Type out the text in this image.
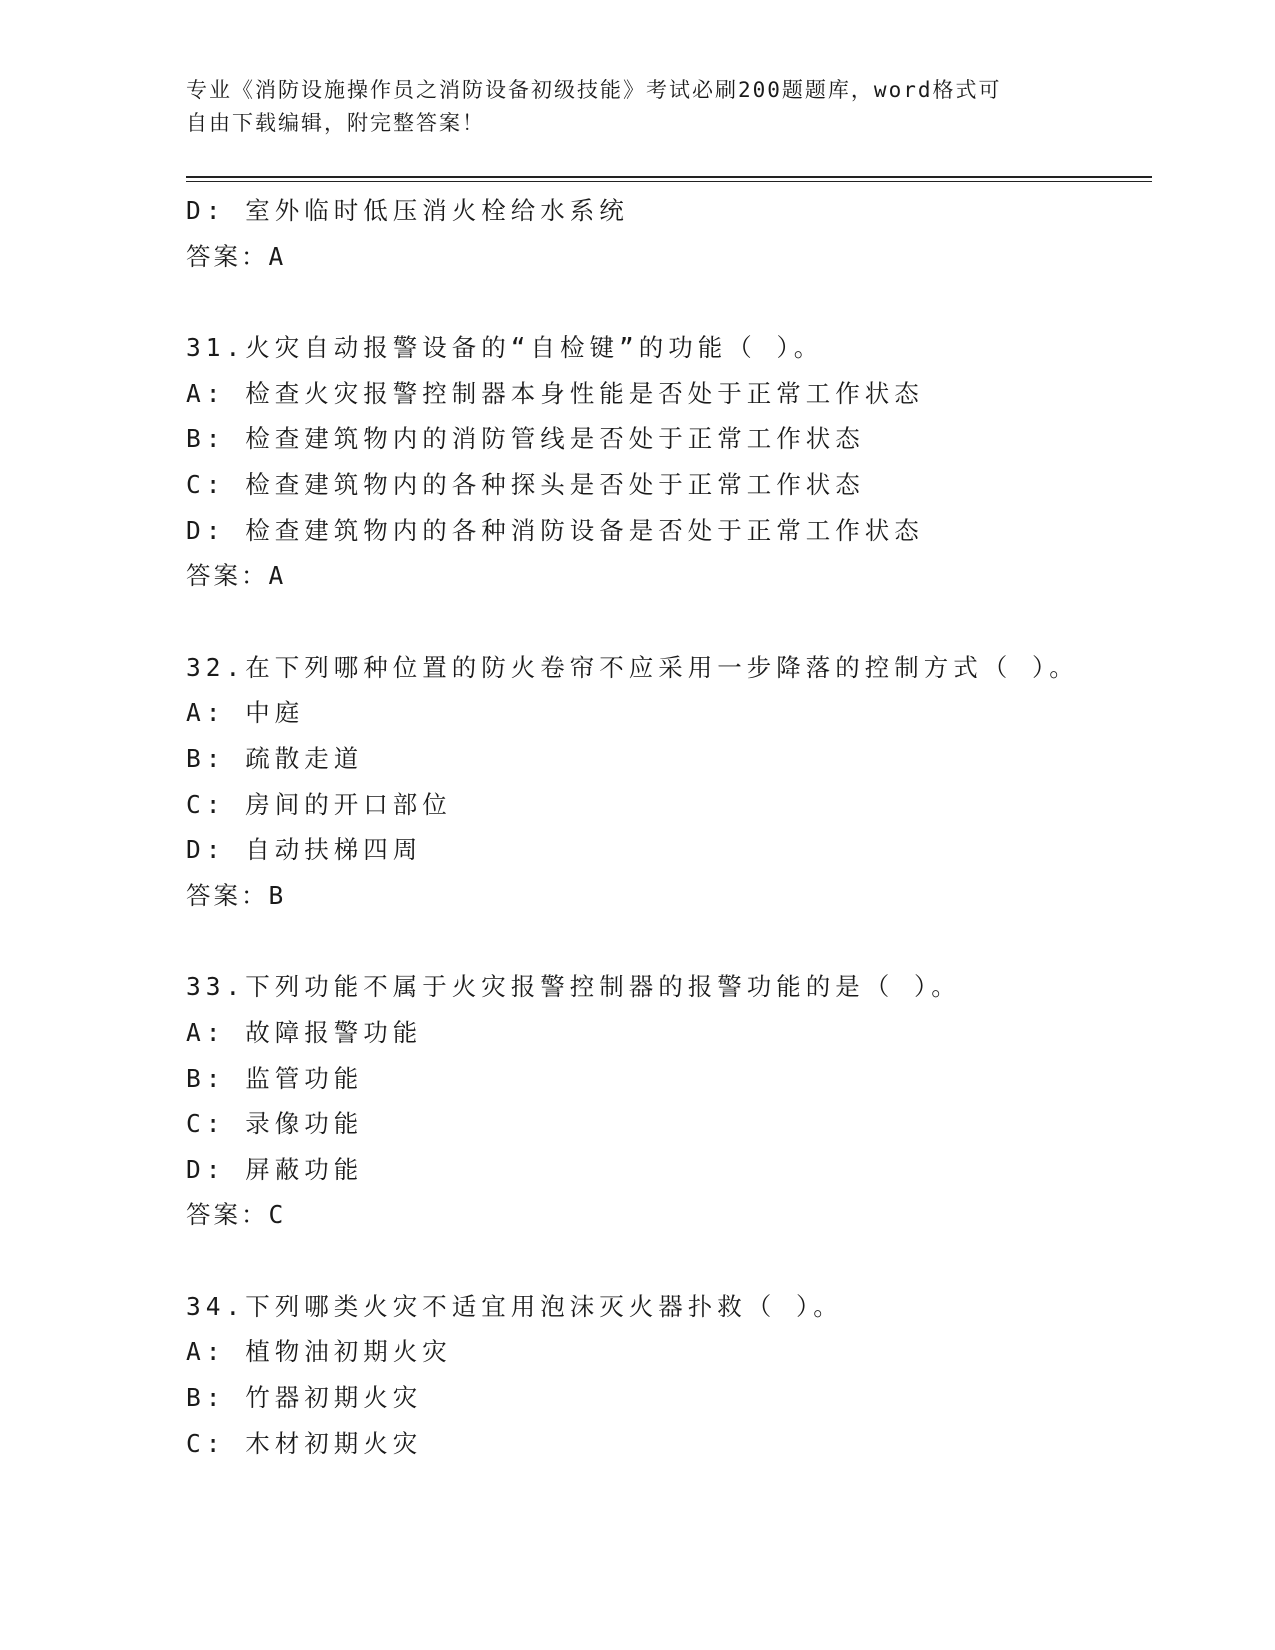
专业《消防设施操作员之消防设备初级技能》考试必刷200题题库，word格式可
自由下载编辑，附完整答案！
D: 室外临时低压消火栓给水系统
答案：A
31.火灾自动报警设备的“自检键”的功能（ ）。
A: 检查火灾报警控制器本身性能是否处于正常工作状态
B: 检查建筑物内的消防管线是否处于正常工作状态
C: 检查建筑物内的各种探头是否处于正常工作状态
D: 检查建筑物内的各种消防设备是否处于正常工作状态
答案：A
32.在下列哪种位置的防火卷帘不应采用一步降落的控制方式（ ）。
A: 中庭
B: 疏散走道
C: 房间的开口部位
D: 自动扶梯四周
答案：B
33.下列功能不属于火灾报警控制器的报警功能的是（ ）。
A: 故障报警功能
B: 监管功能
C: 录像功能
D: 屏蔽功能
答案：C
34.下列哪类火灾不适宜用泡沫灭火器扑救（ ）。
A: 植物油初期火灾
B: 竹器初期火灾
C: 木材初期火灾
